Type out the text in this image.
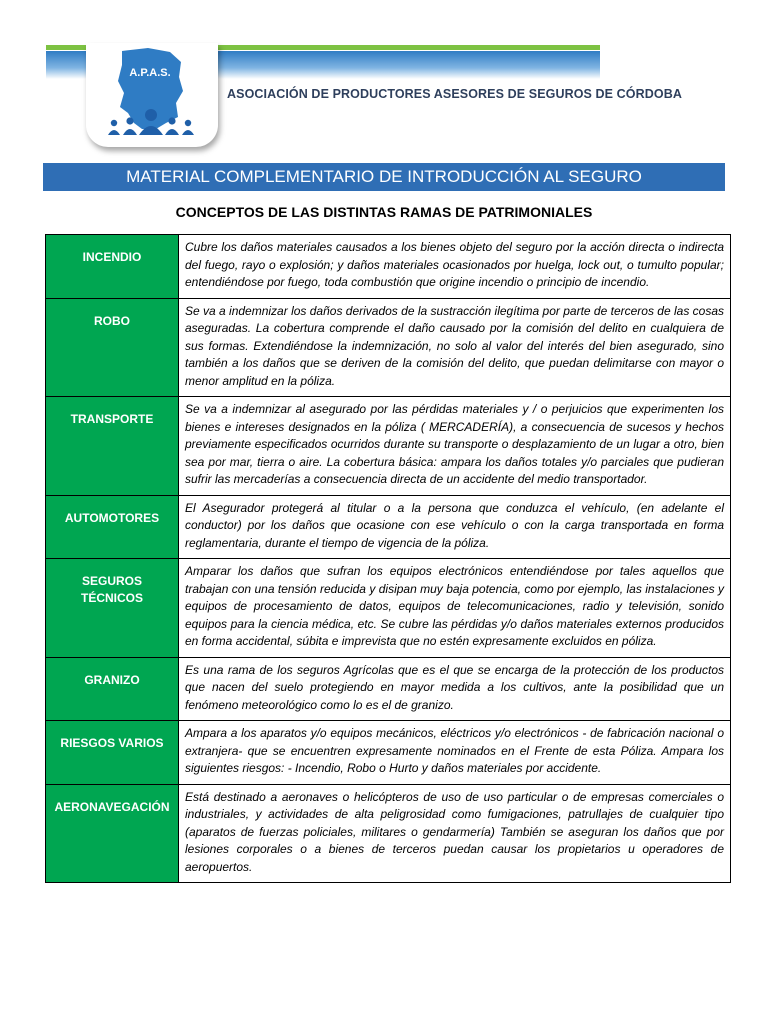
A.P.A.S.
ASOCIACIÓN DE PRODUCTORES ASESORES DE SEGUROS DE CÓRDOBA
MATERIAL COMPLEMENTARIO DE INTRODUCCIÓN AL SEGURO
CONCEPTOS DE LAS DISTINTAS RAMAS DE PATRIMONIALES
INCENDIO	Cubre los daños materiales causados a los bienes objeto del seguro por la acción directa o indirecta del fuego, rayo o explosión; y daños materiales ocasionados por huelga, lock out, o tumulto popular; entendiéndose por fuego, toda combustión que origine incendio o principio de incendio.
ROBO	Se va a indemnizar los daños derivados de la sustracción ilegítima por parte de terceros de las cosas aseguradas. La cobertura comprende el daño causado por la comisión del delito en cualquiera de sus formas. Extendiéndose la indemnización, no solo al valor del interés del bien asegurado, sino también a los daños que se deriven de la comisión del delito, que puedan delimitarse con mayor o menor amplitud en la póliza.
TRANSPORTE	Se va a indemnizar al asegurado por las pérdidas materiales y / o perjuicios que experimenten los bienes e intereses designados en la póliza ( MERCADERÍA), a consecuencia de sucesos y hechos previamente especificados ocurridos durante su transporte o desplazamiento de un lugar a otro, bien sea por mar, tierra o aire. La cobertura básica: ampara los daños totales y/o parciales que pudieran sufrir las mercaderías a consecuencia directa de un accidente del medio transportador.
AUTOMOTORES	El Asegurador protegerá al titular o a la persona que conduzca el vehículo, (en adelante el conductor) por los daños que ocasione con ese vehículo o con la carga transportada en forma reglamentaria, durante el tiempo de vigencia de la póliza.
SEGUROS TÉCNICOS	Amparar los daños que sufran los equipos electrónicos entendiéndose por tales aquellos que trabajan con una tensión reducida y disipan muy baja potencia, como por ejemplo, las instalaciones y equipos de procesamiento de datos, equipos de telecomunicaciones, radio y televisión, sonido equipos para la ciencia médica, etc. Se cubre las pérdidas y/o daños materiales externos producidos en forma accidental, súbita e imprevista que no estén expresamente excluidos en póliza.
GRANIZO	Es una rama de los seguros Agrícolas que es el que se encarga de la protección de los productos que nacen del suelo protegiendo en mayor medida a los cultivos, ante la posibilidad que un fenómeno meteorológico como lo es el de granizo.
RIESGOS VARIOS	Ampara a los aparatos y/o equipos mecánicos, eléctricos y/o electrónicos - de fabricación nacional o extranjera- que se encuentren expresamente nominados en el Frente de esta Póliza. Ampara los siguientes riesgos: - Incendio, Robo o Hurto y daños materiales por accidente.
AERONAVEGACIÓN	Está destinado a aeronaves o helicópteros de uso de uso particular o de empresas comerciales o industriales, y actividades de alta peligrosidad como fumigaciones, patrullajes de cualquier tipo (aparatos de fuerzas policiales, militares o gendarmería) También se aseguran los daños que por lesiones corporales o a bienes de terceros puedan causar los propietarios u operadores de aeropuertos.
